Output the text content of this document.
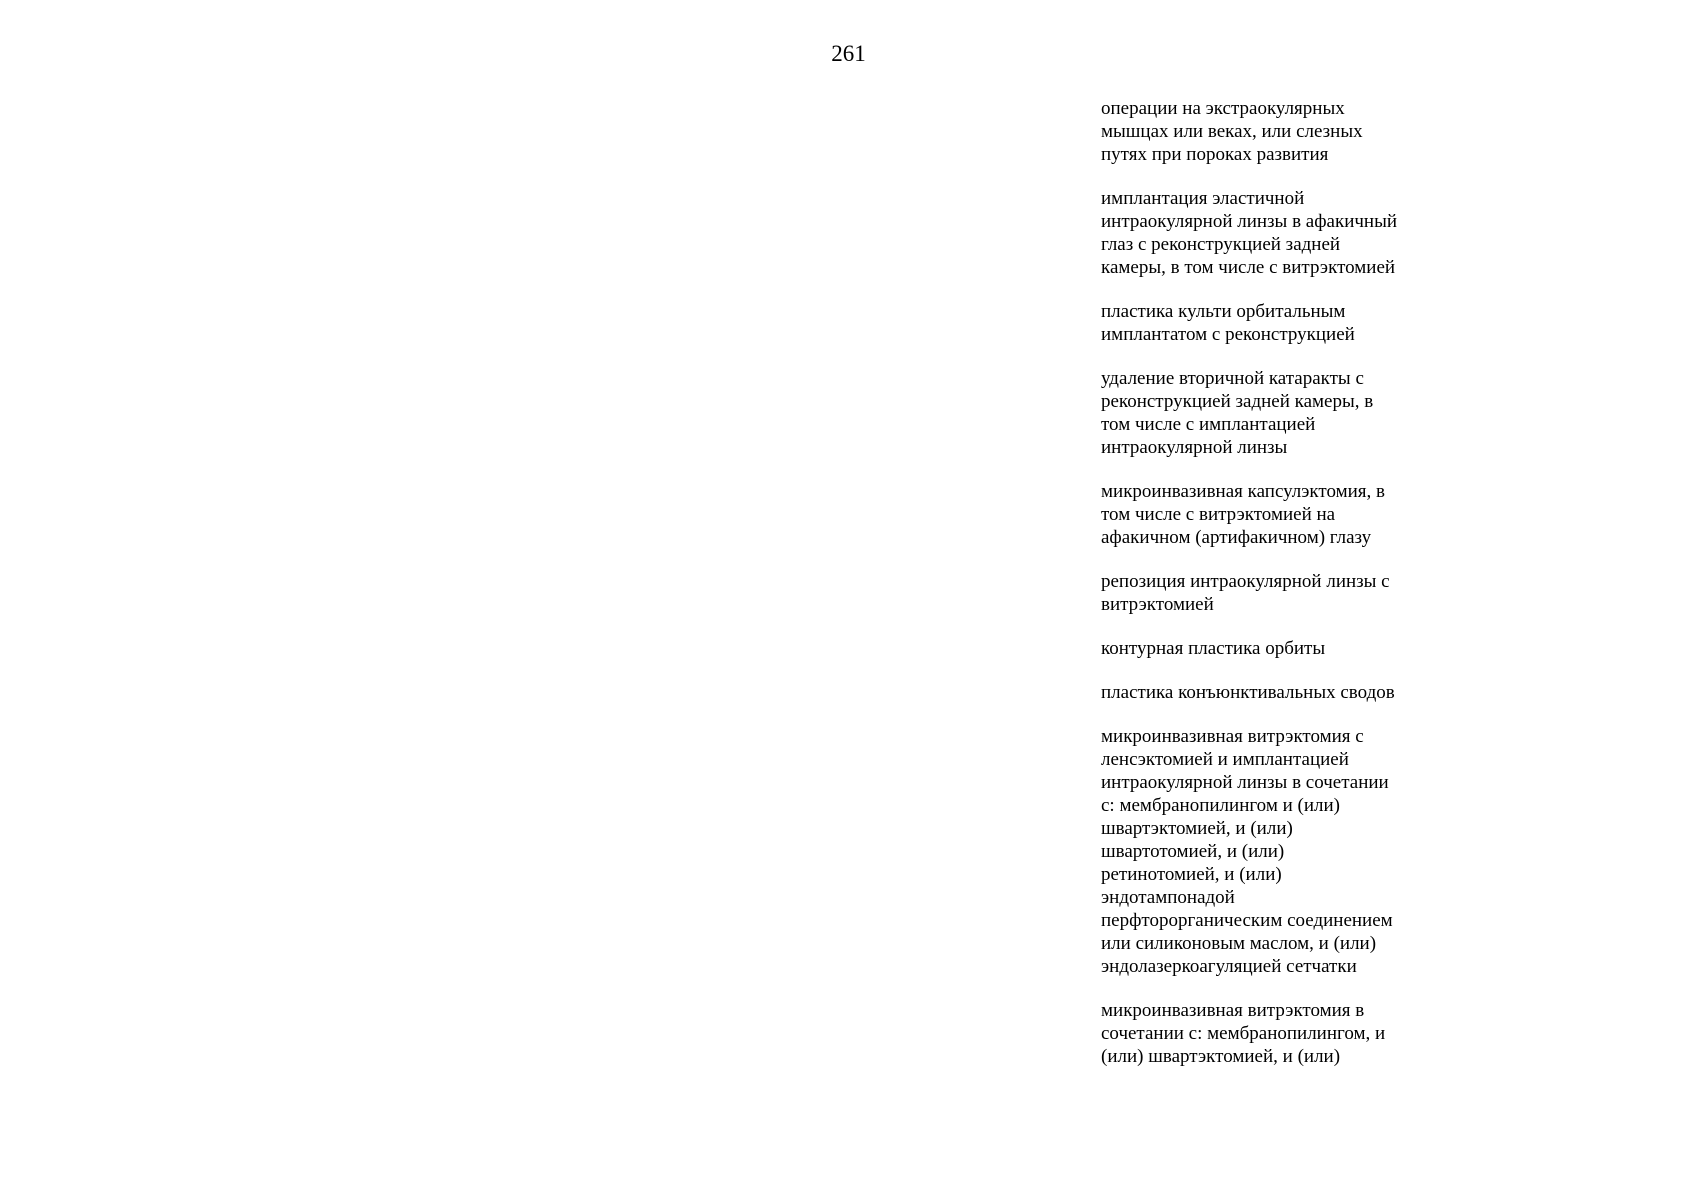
261
операции на экстраокулярных
мышцах или веках, или слезных
путях при пороках развития
имплантация эластичной
интраокулярной линзы в афакичный
глаз с реконструкцией задней
камеры, в том числе с витрэктомией
пластика культи орбитальным
имплантатом с реконструкцией
удаление вторичной катаракты с
реконструкцией задней камеры, в
том числе с имплантацией
интраокулярной линзы
микроинвазивная капсулэктомия, в
том числе с витрэктомией на
афакичном (артифакичном) глазу
репозиция интраокулярной линзы с
витрэктомией
контурная пластика орбиты
пластика конъюнктивальных сводов
микроинвазивная витрэктомия с
ленсэктомией и имплантацией
интраокулярной линзы в сочетании
с: мембранопилингом и (или)
швартэктомией, и (или)
швартотомией, и (или)
ретинотомией, и (или)
эндотампонадой
перфторорганическим соединением
или силиконовым маслом, и (или)
эндолазеркоагуляцией сетчатки
микроинвазивная витрэктомия в
сочетании с: мембранопилингом, и
(или) швартэктомией, и (или)
